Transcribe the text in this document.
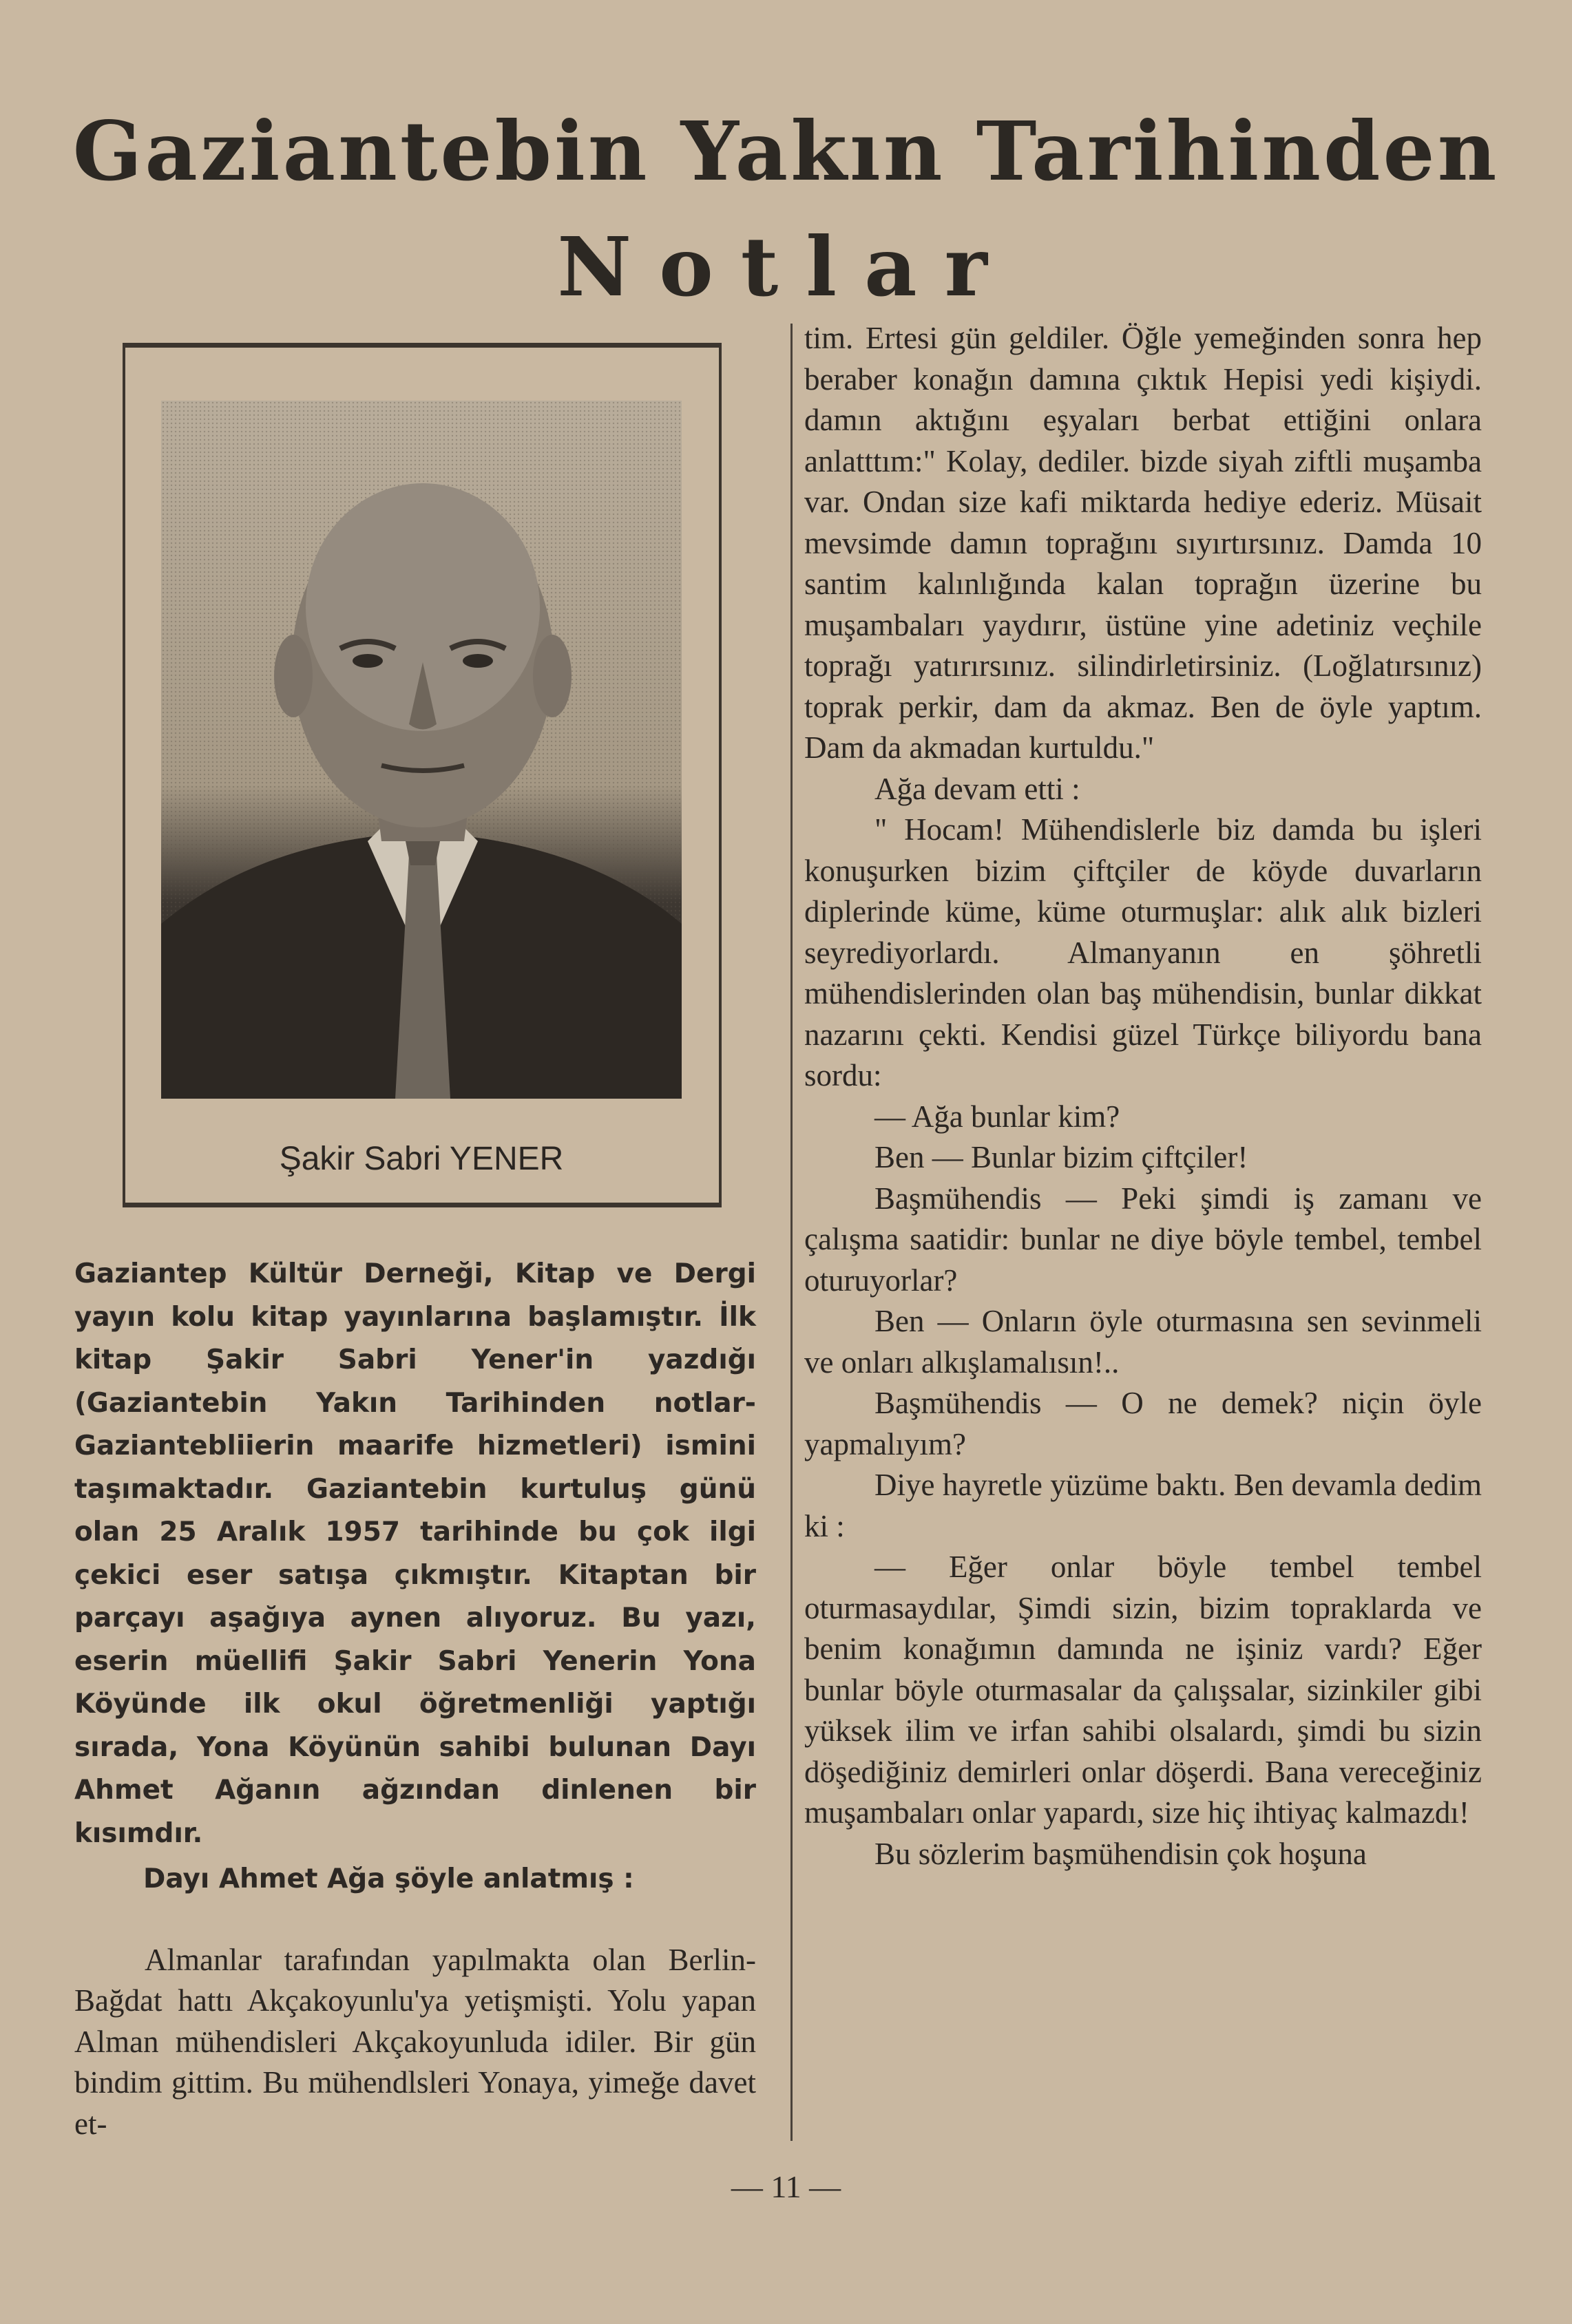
Gaziantebin Yakın Tarihinden
Notlar
Şakir Sabri YENER

Gaziantep Kültür Derneği, Kitap ve Dergi yayın kolu kitap yayınlarına başlamıştır. İlk kitap Şakir Sabri Yener'in yazdığı (Gaziantebin Yakın Tarihinden notlar-Gaziantebliierin maarife hizmetleri) ismini taşımaktadır. Gaziantebin kurtuluş günü olan 25 Aralık 1957 tarihinde bu çok ilgi çekici eser satışa çıkmıştır. Kitaptan bir parçayı aşağıya aynen alıyoruz. Bu yazı, eserin müellifi Şakir Sabri Yenerin Yona Köyünde ilk okul öğretmenliği yaptığı sırada, Yona Köyünün sahibi bulunan Dayı Ahmet Ağanın ağzından dinlenen bir kısımdır.

Dayı Ahmet Ağa şöyle anlatmış :

Almanlar tarafından yapılmakta olan Berlin-Bağdat hattı Akçakoyunlu'ya yetişmişti. Yolu yapan Alman mühendisleri Akçakoyunluda idiler. Bir gün bindim gittim. Bu mühendlsleri Yonaya, yimeğe davet et-

tim. Ertesi gün geldiler. Öğle yemeğinden sonra hep beraber konağın damına çıktık Hepisi yedi kişiydi. damın aktığını eşyaları berbat ettiğini onlara anlatttım:" Kolay, dediler. bizde siyah ziftli muşamba var. Ondan size kafi miktarda hediye ederiz. Müsait mevsimde damın toprağını sıyırtırsınız. Damda 10 santim kalınlığında kalan toprağın üzerine bu muşambaları yaydırır, üstüne yine adetiniz veçhile toprağı yatırırsınız. silindirletirsiniz. (Loğlatırsınız) toprak perkir, dam da akmaz. Ben de öyle yaptım. Dam da akmadan kurtuldu."

Ağa devam etti :

" Hocam! Mühendislerle biz damda bu işleri konuşurken bizim çiftçiler de köyde duvarların diplerinde küme, küme oturmuşlar: alık alık bizleri seyrediyorlardı. Almanyanın en şöhretli mühendislerinden olan baş mühendisin, bunlar dikkat nazarını çekti. Kendisi güzel Türkçe biliyordu bana sordu:

— Ağa bunlar kim?

Ben — Bunlar bizim çiftçiler!

Başmühendis — Peki şimdi iş zamanı ve çalışma saatidir: bunlar ne diye böyle tembel, tembel oturuyorlar?

Ben — Onların öyle oturmasına sen sevinmeli ve onları alkışlamalısın!..

Başmühendis — O ne demek? niçin öyle yapmalıyım?

Diye hayretle yüzüme baktı. Ben devamla dedim ki :

— Eğer onlar böyle tembel tembel oturmasaydılar, Şimdi sizin, bizim topraklarda ve benim konağımın damında ne işiniz vardı? Eğer bunlar böyle oturmasalar da çalışsalar, sizinkiler gibi yüksek ilim ve irfan sahibi olsalardı, şimdi bu sizin döşediğiniz demirleri onlar döşerdi. Bana vereceğiniz muşambaları onlar yapardı, size hiç ihtiyaç kalmazdı!

Bu sözlerim başmühendisin çok hoşuna

— 11 —
